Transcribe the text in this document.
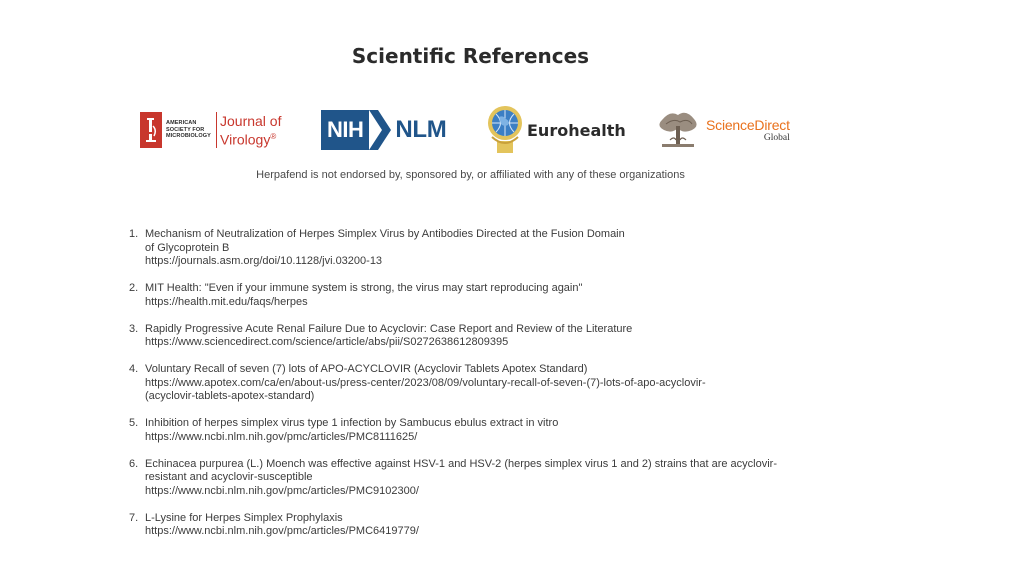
Scientific References
AMERICAN
SOCIETY FOR
MICROBIOLOGY
Journal of
Virology® NIH NLM	Eurohealth	ScienceDirect
Global
Herpafend is not endorsed by, sponsored by, or affiliated with any of these organizations
1. Mechanism of Neutralization of Herpes Simplex Virus by Antibodies Directed at the Fusion Domain of Glycoprotein B
https://journals.asm.org/doi/10.1128/jvi.03200-13
2. MIT Health: "Even if your immune system is strong, the virus may start reproducing again"
https://health.mit.edu/faqs/herpes
3. Rapidly Progressive Acute Renal Failure Due to Acyclovir: Case Report and Review of the Literature
https://www.sciencedirect.com/science/article/abs/pii/S0272638612809395
4. Voluntary Recall of seven (7) lots of APO-ACYCLOVIR (Acyclovir Tablets Apotex Standard)
https://www.apotex.com/ca/en/about-us/press-center/2023/08/09/voluntary-recall-of-seven-(7)-lots-of-apo-acyclovir-
(acyclovir-tablets-apotex-standard)
5. Inhibition of herpes simplex virus type 1 infection by Sambucus ebulus extract in vitro
https://www.ncbi.nlm.nih.gov/pmc/articles/PMC8111625/
6. Echinacea purpurea (L.) Moench was effective against HSV-1 and HSV-2 (herpes simplex virus 1 and 2) strains that are acyclovir-resistant and acyclovir-susceptible
https://www.ncbi.nlm.nih.gov/pmc/articles/PMC9102300/
7. L-Lysine for Herpes Simplex Prophylaxis
https://www.ncbi.nlm.nih.gov/pmc/articles/PMC6419779/
